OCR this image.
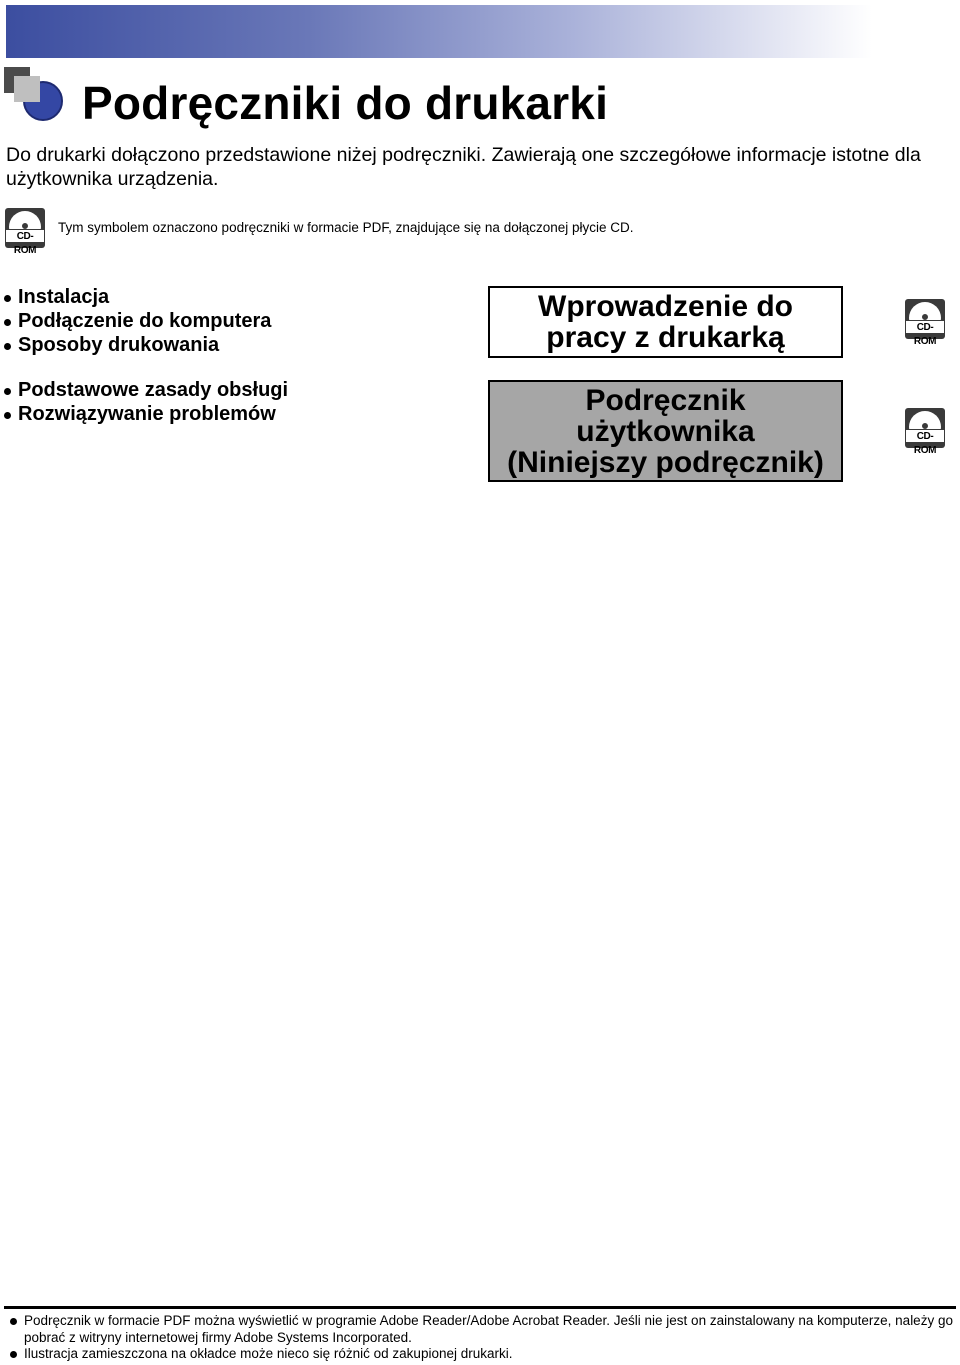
Podręczniki do drukarki

Do drukarki dołączono przedstawione niżej podręczniki. Zawierają one szczegółowe informacje istotne dla użytkownika urządzenia.

CD-ROM

Tym symbolem oznaczono podręczniki w formacie PDF, znajdujące się na dołączonej płycie CD.

Instalacja
Podłączenie do komputera
Sposoby drukowania
Wprowadzenie do
pracy z drukarką	CD-ROM
Podstawowe zasady obsługi
Rozwiązywanie problemów	Podręcznik
użytkownika
(Niniejszy podręcznik)
CD-ROM
Podręcznik w formacie PDF można wyświetlić w programie Adobe Reader/Adobe Acrobat Reader. Jeśli nie jest on zainstalowany na komputerze, należy go pobrać z witryny internetowej firmy Adobe Systems Incorporated.
Ilustracja zamieszczona na okładce może nieco się różnić od zakupionej drukarki.
